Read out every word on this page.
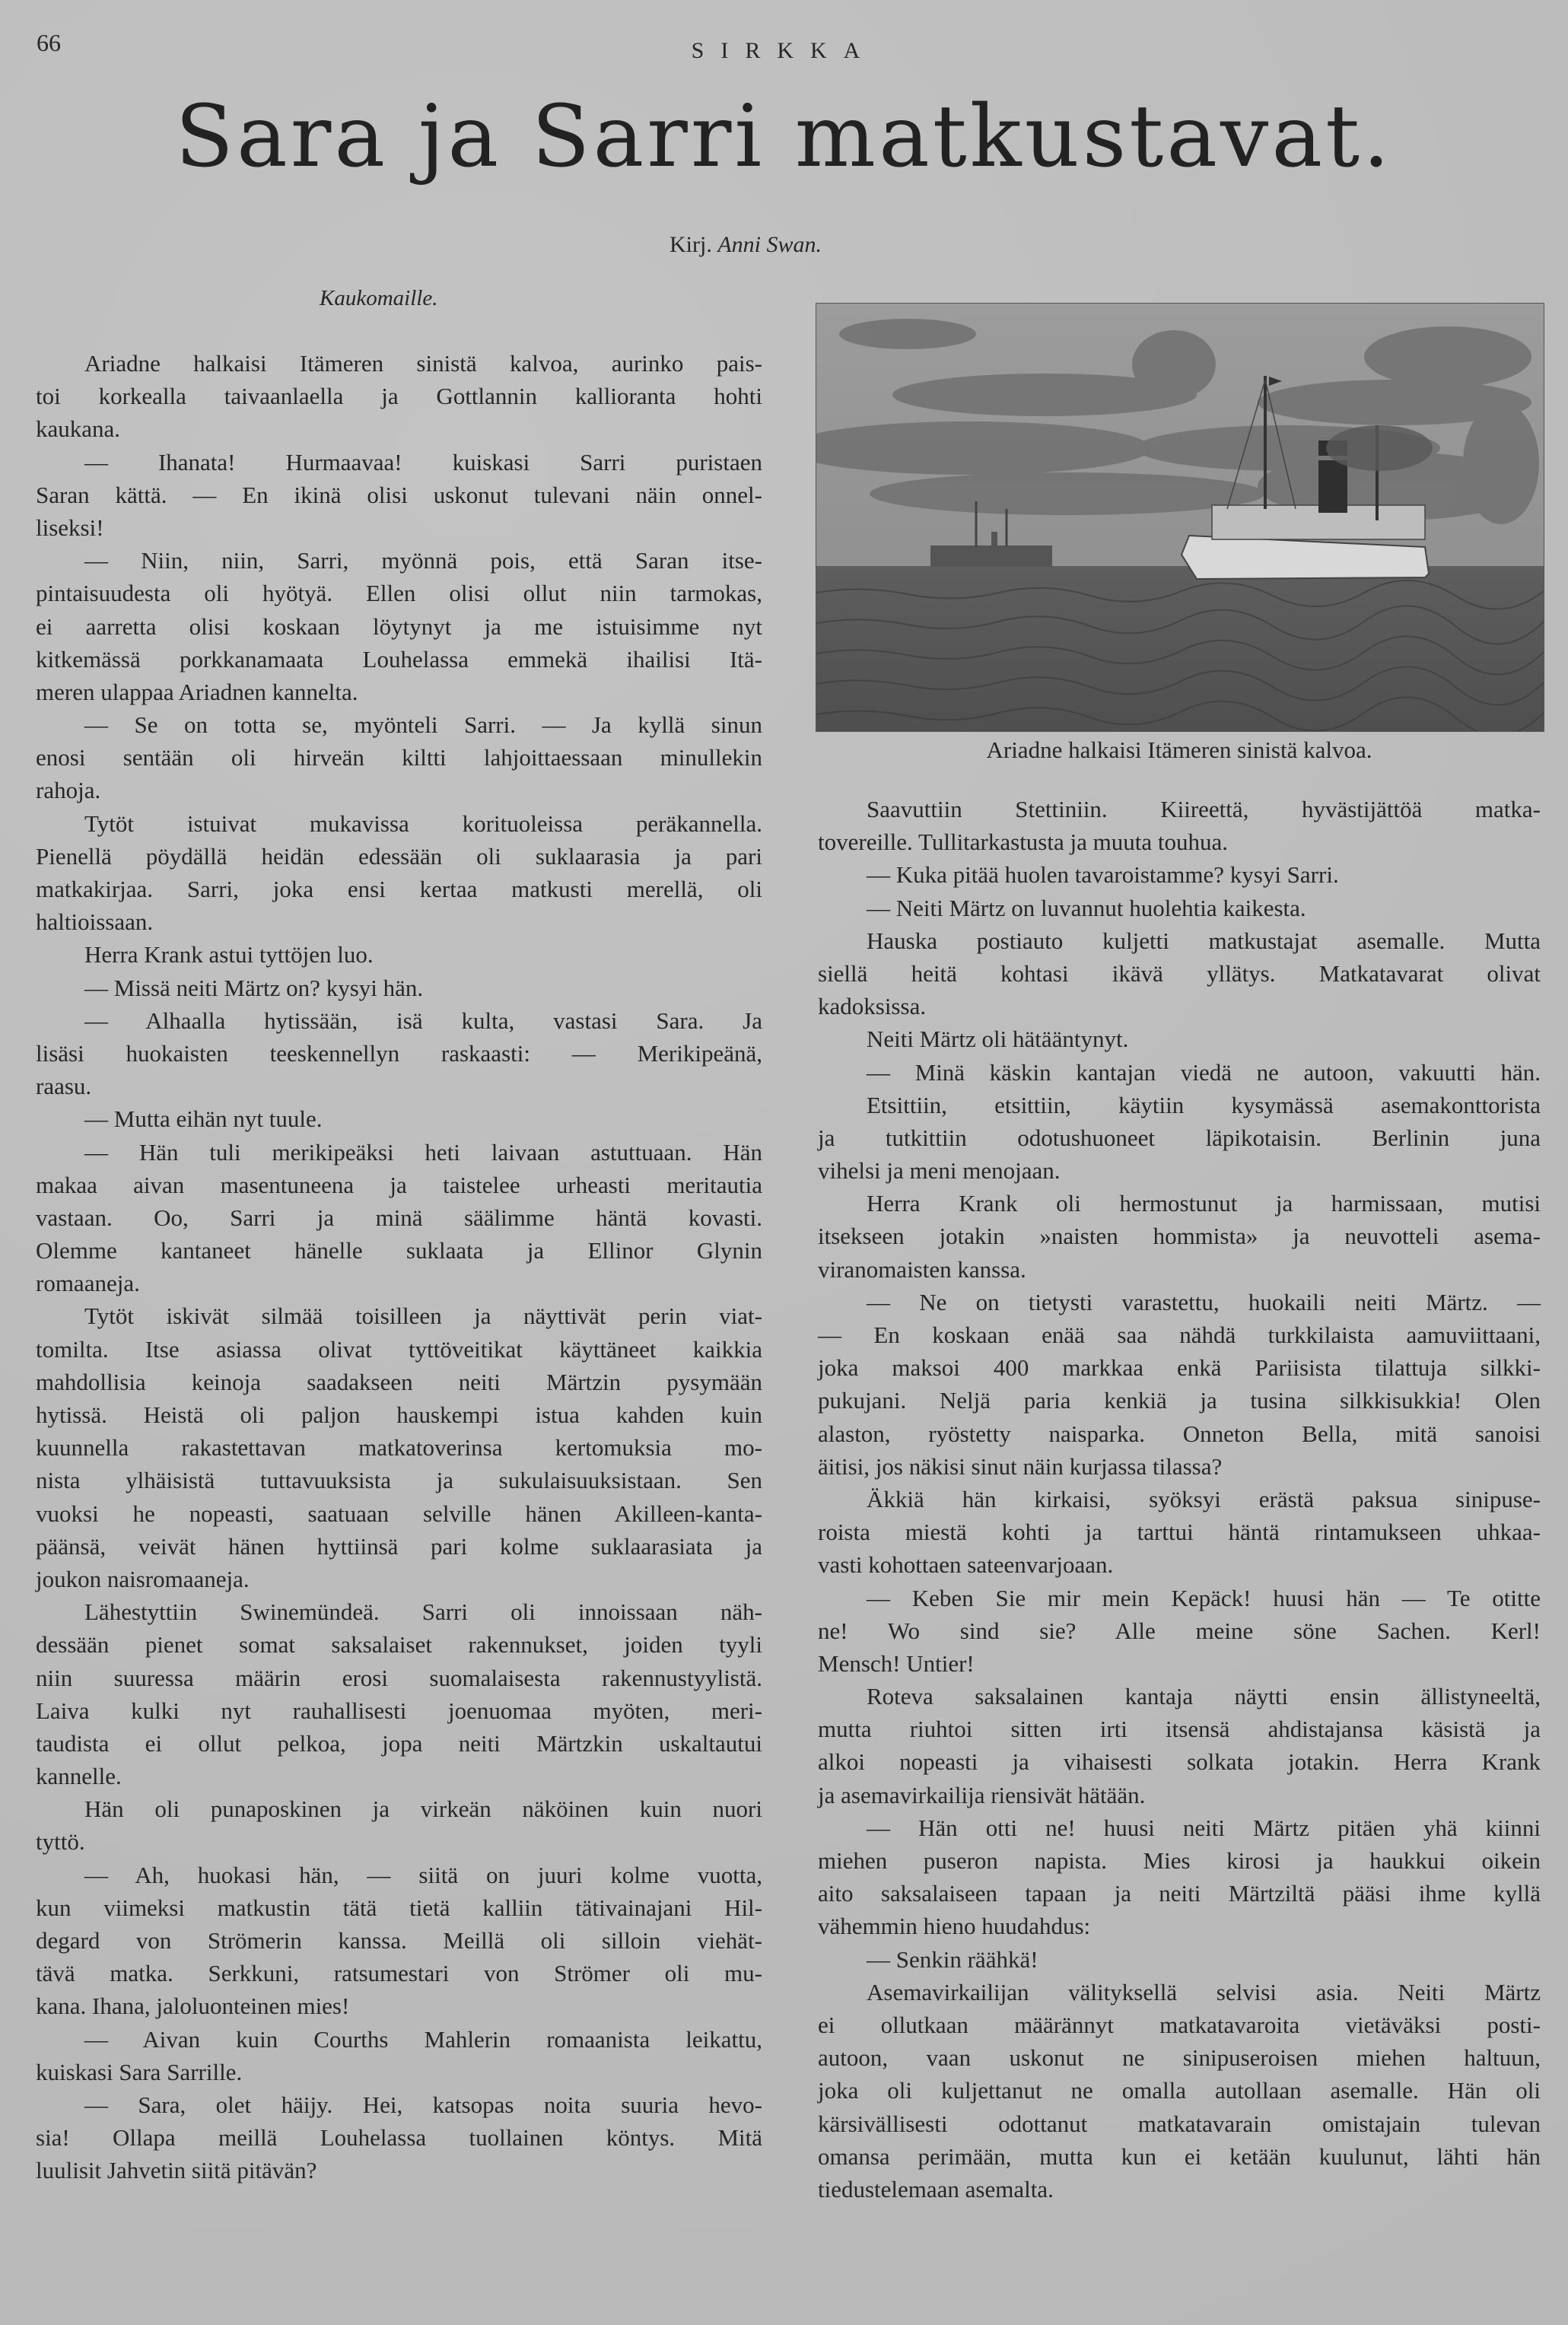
66	SIRKKA
Sara ja Sarri matkustavat.
Kirj. Anni Swan.
Kaukomaille.
Ariadne halkaisi Itämeren sinistä kalvoa, aurinko pais-
toi korkealla taivaanlaella ja Gottlannin kallioranta hohti
kaukana.
— Ihanata! Hurmaavaa! kuiskasi Sarri puristaen
Saran kättä. — En ikinä olisi uskonut tulevani näin onnel-
liseksi!
— Niin, niin, Sarri, myönnä pois, että Saran itse-
pintaisuudesta oli hyötyä. Ellen olisi ollut niin tarmokas,
ei aarretta olisi koskaan löytynyt ja me istuisimme nyt
kitkemässä porkkanamaata Louhelassa emmekä ihailisi Itä-
meren ulappaa Ariadnen kannelta.
— Se on totta se, myönteli Sarri. — Ja kyllä sinun
enosi sentään oli hirveän kiltti lahjoittaessaan minullekin
rahoja.
Tytöt istuivat mukavissa korituoleissa peräkannella.
Pienellä pöydällä heidän edessään oli suklaarasia ja pari
matkakirjaa. Sarri, joka ensi kertaa matkusti merellä, oli
haltioissaan.
Herra Krank astui tyttöjen luo.
— Missä neiti Märtz on? kysyi hän.
— Alhaalla hytissään, isä kulta, vastasi Sara. Ja
lisäsi huokaisten teeskennellyn raskaasti: — Merikipeänä,
raasu.
— Mutta eihän nyt tuule.
— Hän tuli merikipeäksi heti laivaan astuttuaan. Hän
makaa aivan masentuneena ja taistelee urheasti meritautia
vastaan. Oo, Sarri ja minä säälimme häntä kovasti.
Olemme kantaneet hänelle suklaata ja Ellinor Glynin
romaaneja.
Tytöt iskivät silmää toisilleen ja näyttivät perin viat-
tomilta. Itse asiassa olivat tyttöveitikat käyttäneet kaikkia
mahdollisia keinoja saadakseen neiti Märtzin pysymään
hytissä. Heistä oli paljon hauskempi istua kahden kuin
kuunnella rakastettavan matkatoverinsa kertomuksia mo-
nista ylhäisistä tuttavuuksista ja sukulaisuuksistaan. Sen
vuoksi he nopeasti, saatuaan selville hänen Akilleen-kanta-
päänsä, veivät hänen hyttiinsä pari kolme suklaarasiata ja
joukon naisromaaneja.
Lähestyttiin Swinemündeä. Sarri oli innoissaan näh-
dessään pienet somat saksalaiset rakennukset, joiden tyyli
niin suuressa määrin erosi suomalaisesta rakennustyylistä.
Laiva kulki nyt rauhallisesti joenuomaa myöten, meri-
taudista ei ollut pelkoa, jopa neiti Märtzkin uskaltautui
kannelle.
Hän oli punaposkinen ja virkeän näköinen kuin nuori
tyttö.
— Ah, huokasi hän, — siitä on juuri kolme vuotta,
kun viimeksi matkustin tätä tietä kalliin tätivainajani Hil-
degard von Strömerin kanssa. Meillä oli silloin viehät-
tävä matka. Serkkuni, ratsumestari von Strömer oli mu-
kana. Ihana, jaloluonteinen mies!
— Aivan kuin Courths Mahlerin romaanista leikattu,
kuiskasi Sara Sarrille.
— Sara, olet häijy. Hei, katsopas noita suuria hevo-
sia! Ollapa meillä Louhelassa tuollainen köntys. Mitä
luulisit Jahvetin siitä pitävän?
Ariadne halkaisi Itämeren sinistä kalvoa.
Saavuttiin Stettiniin. Kiireettä, hyvästijättöä matka-
tovereille. Tullitarkastusta ja muuta touhua.
— Kuka pitää huolen tavaroistamme? kysyi Sarri.
— Neiti Märtz on luvannut huolehtia kaikesta.
Hauska postiauto kuljetti matkustajat asemalle. Mutta
siellä heitä kohtasi ikävä yllätys. Matkatavarat olivat
kadoksissa.
Neiti Märtz oli hätääntynyt.
— Minä käskin kantajan viedä ne autoon, vakuutti hän.
Etsittiin, etsittiin, käytiin kysymässä asemakonttorista
ja tutkittiin odotushuoneet läpikotaisin. Berlinin juna
vihelsi ja meni menojaan.
Herra Krank oli hermostunut ja harmissaan, mutisi
itsekseen jotakin »naisten hommista» ja neuvotteli asema-
viranomaisten kanssa.
— Ne on tietysti varastettu, huokaili neiti Märtz. —
— En koskaan enää saa nähdä turkkilaista aamuviittaani,
joka maksoi 400 markkaa enkä Pariisista tilattuja silkki-
pukujani. Neljä paria kenkiä ja tusina silkkisukkia! Olen
alaston, ryöstetty naisparka. Onneton Bella, mitä sanoisi
äitisi, jos näkisi sinut näin kurjassa tilassa?
Äkkiä hän kirkaisi, syöksyi erästä paksua sinipuse-
roista miestä kohti ja tarttui häntä rintamukseen uhkaa-
vasti kohottaen sateenvarjoaan.
— Keben Sie mir mein Kepäck! huusi hän — Te otitte
ne! Wo sind sie? Alle meine söne Sachen. Kerl!
Mensch! Untier!
Roteva saksalainen kantaja näytti ensin ällistyneeltä,
mutta riuhtoi sitten irti itsensä ahdistajansa käsistä ja
alkoi nopeasti ja vihaisesti solkata jotakin. Herra Krank
ja asemavirkailija riensivät hätään.
— Hän otti ne! huusi neiti Märtz pitäen yhä kiinni
miehen puseron napista. Mies kirosi ja haukkui oikein
aito saksalaiseen tapaan ja neiti Märtziltä pääsi ihme kyllä
vähemmin hieno huudahdus:
— Senkin räähkä!
Asemavirkailijan välityksellä selvisi asia. Neiti Märtz
ei ollutkaan määrännyt matkatavaroita vietäväksi posti-
autoon, vaan uskonut ne sinipuseroisen miehen haltuun,
joka oli kuljettanut ne omalla autollaan asemalle. Hän oli
kärsivällisesti odottanut matkatavarain omistajain tulevan
omansa perimään, mutta kun ei ketään kuulunut, lähti hän
tiedustelemaan asemalta.
